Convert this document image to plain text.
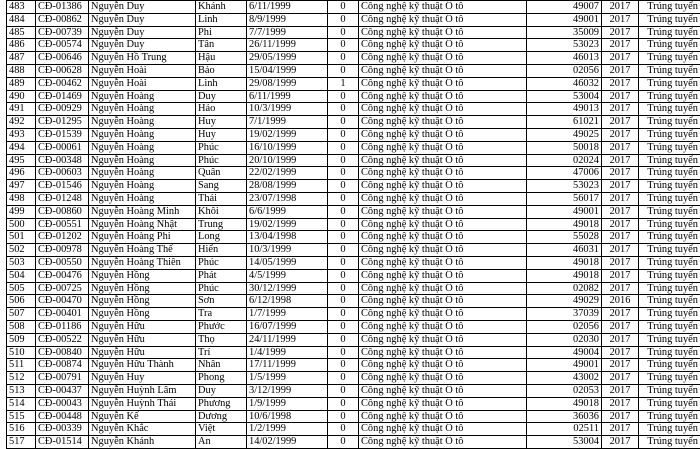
483	CĐ-01386	Nguyễn Duy	Khánh	6/11/1999	0	Công nghệ kỹ thuật Ô tô	49007	2017	Trúng tuyển
484	CĐ-00862	Nguyễn Duy	Linh	8/9/1999	0	Công nghệ kỹ thuật Ô tô	49001	2017	Trúng tuyển
485	CĐ-00739	Nguyễn Duy	Phi	7/7/1999	0	Công nghệ kỹ thuật Ô tô	35009	2017	Trúng tuyển
486	CĐ-00574	Nguyễn Duy	Tân	26/11/1999	0	Công nghệ kỹ thuật Ô tô	53023	2017	Trúng tuyển
487	CĐ-00646	Nguyễn Hồ Trung	Hậu	29/05/1999	0	Công nghệ kỹ thuật Ô tô	46013	2017	Trúng tuyển
488	CĐ-00628	Nguyễn Hoài	Bảo	15/04/1999	0	Công nghệ kỹ thuật Ô tô	02056	2017	Trúng tuyển
489	CĐ-00462	Nguyễn Hoài	Linh	29/08/1999	1	Công nghệ kỹ thuật Ô tô	46032	2017	Trúng tuyển
490	CĐ-01469	Nguyễn Hoàng	Duy	6/11/1999	0	Công nghệ kỹ thuật Ô tô	53004	2017	Trúng tuyển
491	CĐ-00929	Nguyễn Hoàng	Hảo	10/3/1999	0	Công nghệ kỹ thuật Ô tô	49013	2017	Trúng tuyển
492	CĐ-01295	Nguyễn Hoàng	Huy	7/1/1999	0	Công nghệ kỹ thuật Ô tô	61021	2017	Trúng tuyển
493	CĐ-01539	Nguyễn Hoàng	Huy	19/02/1999	0	Công nghệ kỹ thuật Ô tô	49025	2017	Trúng tuyển
494	CĐ-00061	Nguyễn Hoàng	Phúc	16/10/1999	0	Công nghệ kỹ thuật Ô tô	50018	2017	Trúng tuyển
495	CĐ-00348	Nguyễn Hoàng	Phúc	20/10/1999	0	Công nghệ kỹ thuật Ô tô	02024	2017	Trúng tuyển
496	CĐ-00603	Nguyễn Hoàng	Quân	22/02/1999	0	Công nghệ kỹ thuật Ô tô	47006	2017	Trúng tuyển
497	CĐ-01546	Nguyễn Hoàng	Sang	28/08/1999	0	Công nghệ kỹ thuật Ô tô	53023	2017	Trúng tuyển
498	CĐ-01248	Nguyễn Hoàng	Thái	23/07/1998	0	Công nghệ kỹ thuật Ô tô	56017	2017	Trúng tuyển
499	CĐ-00860	Nguyễn Hoàng Minh	Khôi	6/6/1999	0	Công nghệ kỹ thuật Ô tô	49001	2017	Trúng tuyển
500	CĐ-00551	Nguyễn Hoàng Nhật	Trung	19/02/1999	0	Công nghệ kỹ thuật Ô tô	49018	2017	Trúng tuyển
501	CĐ-01202	Nguyễn Hoàng Phi	Long	13/04/1998	0	Công nghệ kỹ thuật Ô tô	55028	2017	Trúng tuyển
502	CĐ-00978	Nguyễn Hoàng Thế	Hiển	10/3/1999	0	Công nghệ kỹ thuật Ô tô	46031	2017	Trúng tuyển
503	CĐ-00550	Nguyễn Hoàng Thiên	Phúc	14/05/1999	0	Công nghệ kỹ thuật Ô tô	49018	2017	Trúng tuyển
504	CĐ-00476	Nguyễn Hồng	Phát	4/5/1999	0	Công nghệ kỹ thuật Ô tô	49018	2017	Trúng tuyển
505	CĐ-00725	Nguyễn Hồng	Phúc	30/12/1999	0	Công nghệ kỹ thuật Ô tô	02082	2017	Trúng tuyển
506	CĐ-00470	Nguyễn Hồng	Sơn	6/12/1998	0	Công nghệ kỹ thuật Ô tô	49029	2016	Trúng tuyển
507	CĐ-00401	Nguyễn Hồng	Tra	1/7/1999	0	Công nghệ kỹ thuật Ô tô	37039	2017	Trúng tuyển
508	CĐ-01186	Nguyễn Hữu	Phước	16/07/1999	0	Công nghệ kỹ thuật Ô tô	02056	2017	Trúng tuyển
509	CĐ-00522	Nguyễn Hữu	Thọ	24/11/1999	0	Công nghệ kỹ thuật Ô tô	02030	2017	Trúng tuyển
510	CĐ-00840	Nguyễn Hữu	Trí	1/4/1999	0	Công nghệ kỹ thuật Ô tô	49004	2017	Trúng tuyển
511	CĐ-00874	Nguyễn Hữu Thành	Nhân	17/11/1999	0	Công nghệ kỹ thuật Ô tô	49001	2017	Trúng tuyển
512	CĐ-00791	Nguyễn Huy	Phong	1/5/1999	0	Công nghệ kỹ thuật Ô tô	43002	2017	Trúng tuyển
513	CĐ-00437	Nguyễn Huỳnh Lâm	Duy	3/12/1999	0	Công nghệ kỹ thuật Ô tô	02053	2017	Trúng tuyển
514	CĐ-00043	Nguyễn Huỳnh Thái	Phương	1/9/1999	0	Công nghệ kỹ thuật Ô tô	49018	2017	Trúng tuyển
515	CĐ-00448	Nguyễn Kế	Dương	10/6/1998	0	Công nghệ kỹ thuật Ô tô	36036	2017	Trúng tuyển
516	CĐ-00339	Nguyễn Khắc	Việt	1/2/1999	0	Công nghệ kỹ thuật Ô tô	02511	2017	Trúng tuyển
517	CĐ-01514	Nguyễn Khánh	An	14/02/1999	0	Công nghệ kỹ thuật Ô tô	53004	2017	Trúng tuyển
